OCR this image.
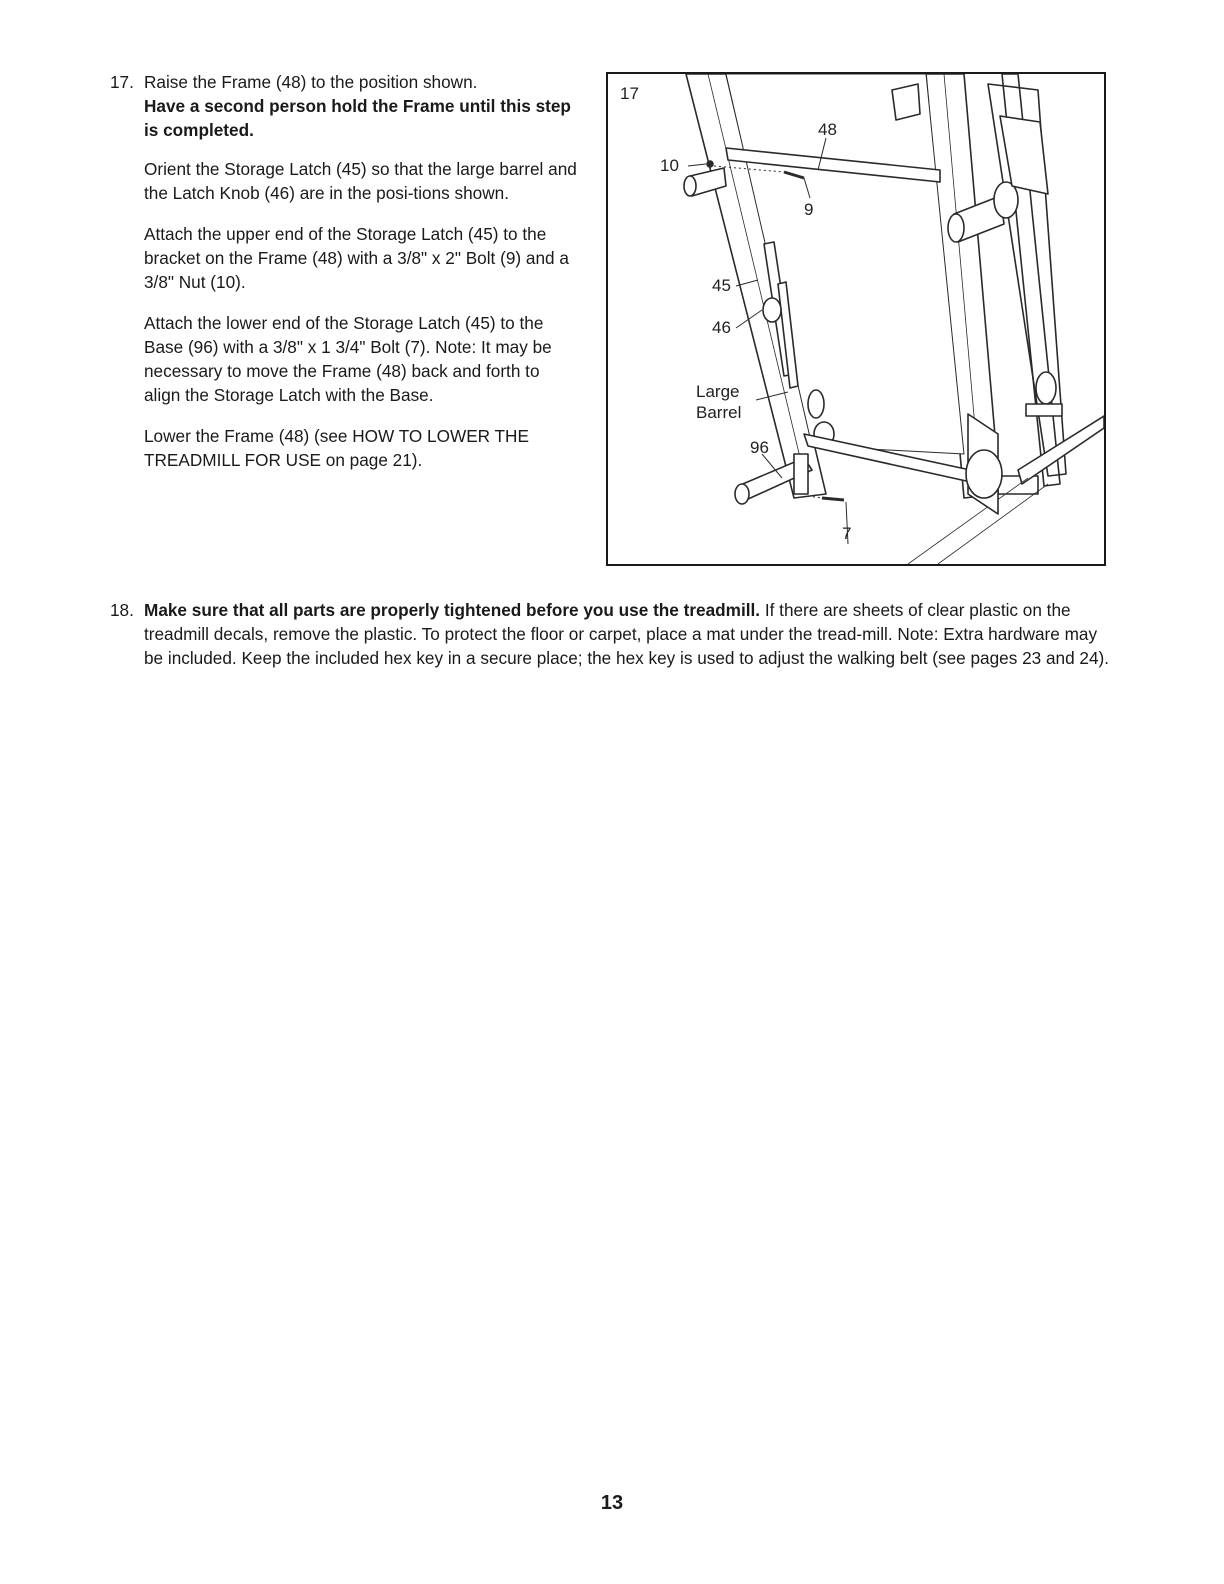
17. Raise the Frame (48) to the position shown.
Have a second person hold the Frame until this step is completed.

Orient the Storage Latch (45) so that the large barrel and the Latch Knob (46) are in the posi-tions shown.

Attach the upper end of the Storage Latch (45) to the bracket on the Frame (48) with a 3/8" x 2" Bolt (9) and a 3/8" Nut (10).

Attach the lower end of the Storage Latch (45) to the Base (96) with a 3/8" x 1 3/4" Bolt (7). Note: It may be necessary to move the Frame (48) back and forth to align the Storage Latch with the Base.

Lower the Frame (48) (see HOW TO LOWER THE TREADMILL FOR USE on page 21).

17
48
10
9
45
46
Large
Barrel
96
7
18. Make sure that all parts are properly tightened before you use the treadmill. If there are sheets of clear plastic on the treadmill decals, remove the plastic. To protect the floor or carpet, place a mat under the tread-mill. Note: Extra hardware may be included. Keep the included hex key in a secure place; the hex key is used to adjust the walking belt (see pages 23 and 24).
13
